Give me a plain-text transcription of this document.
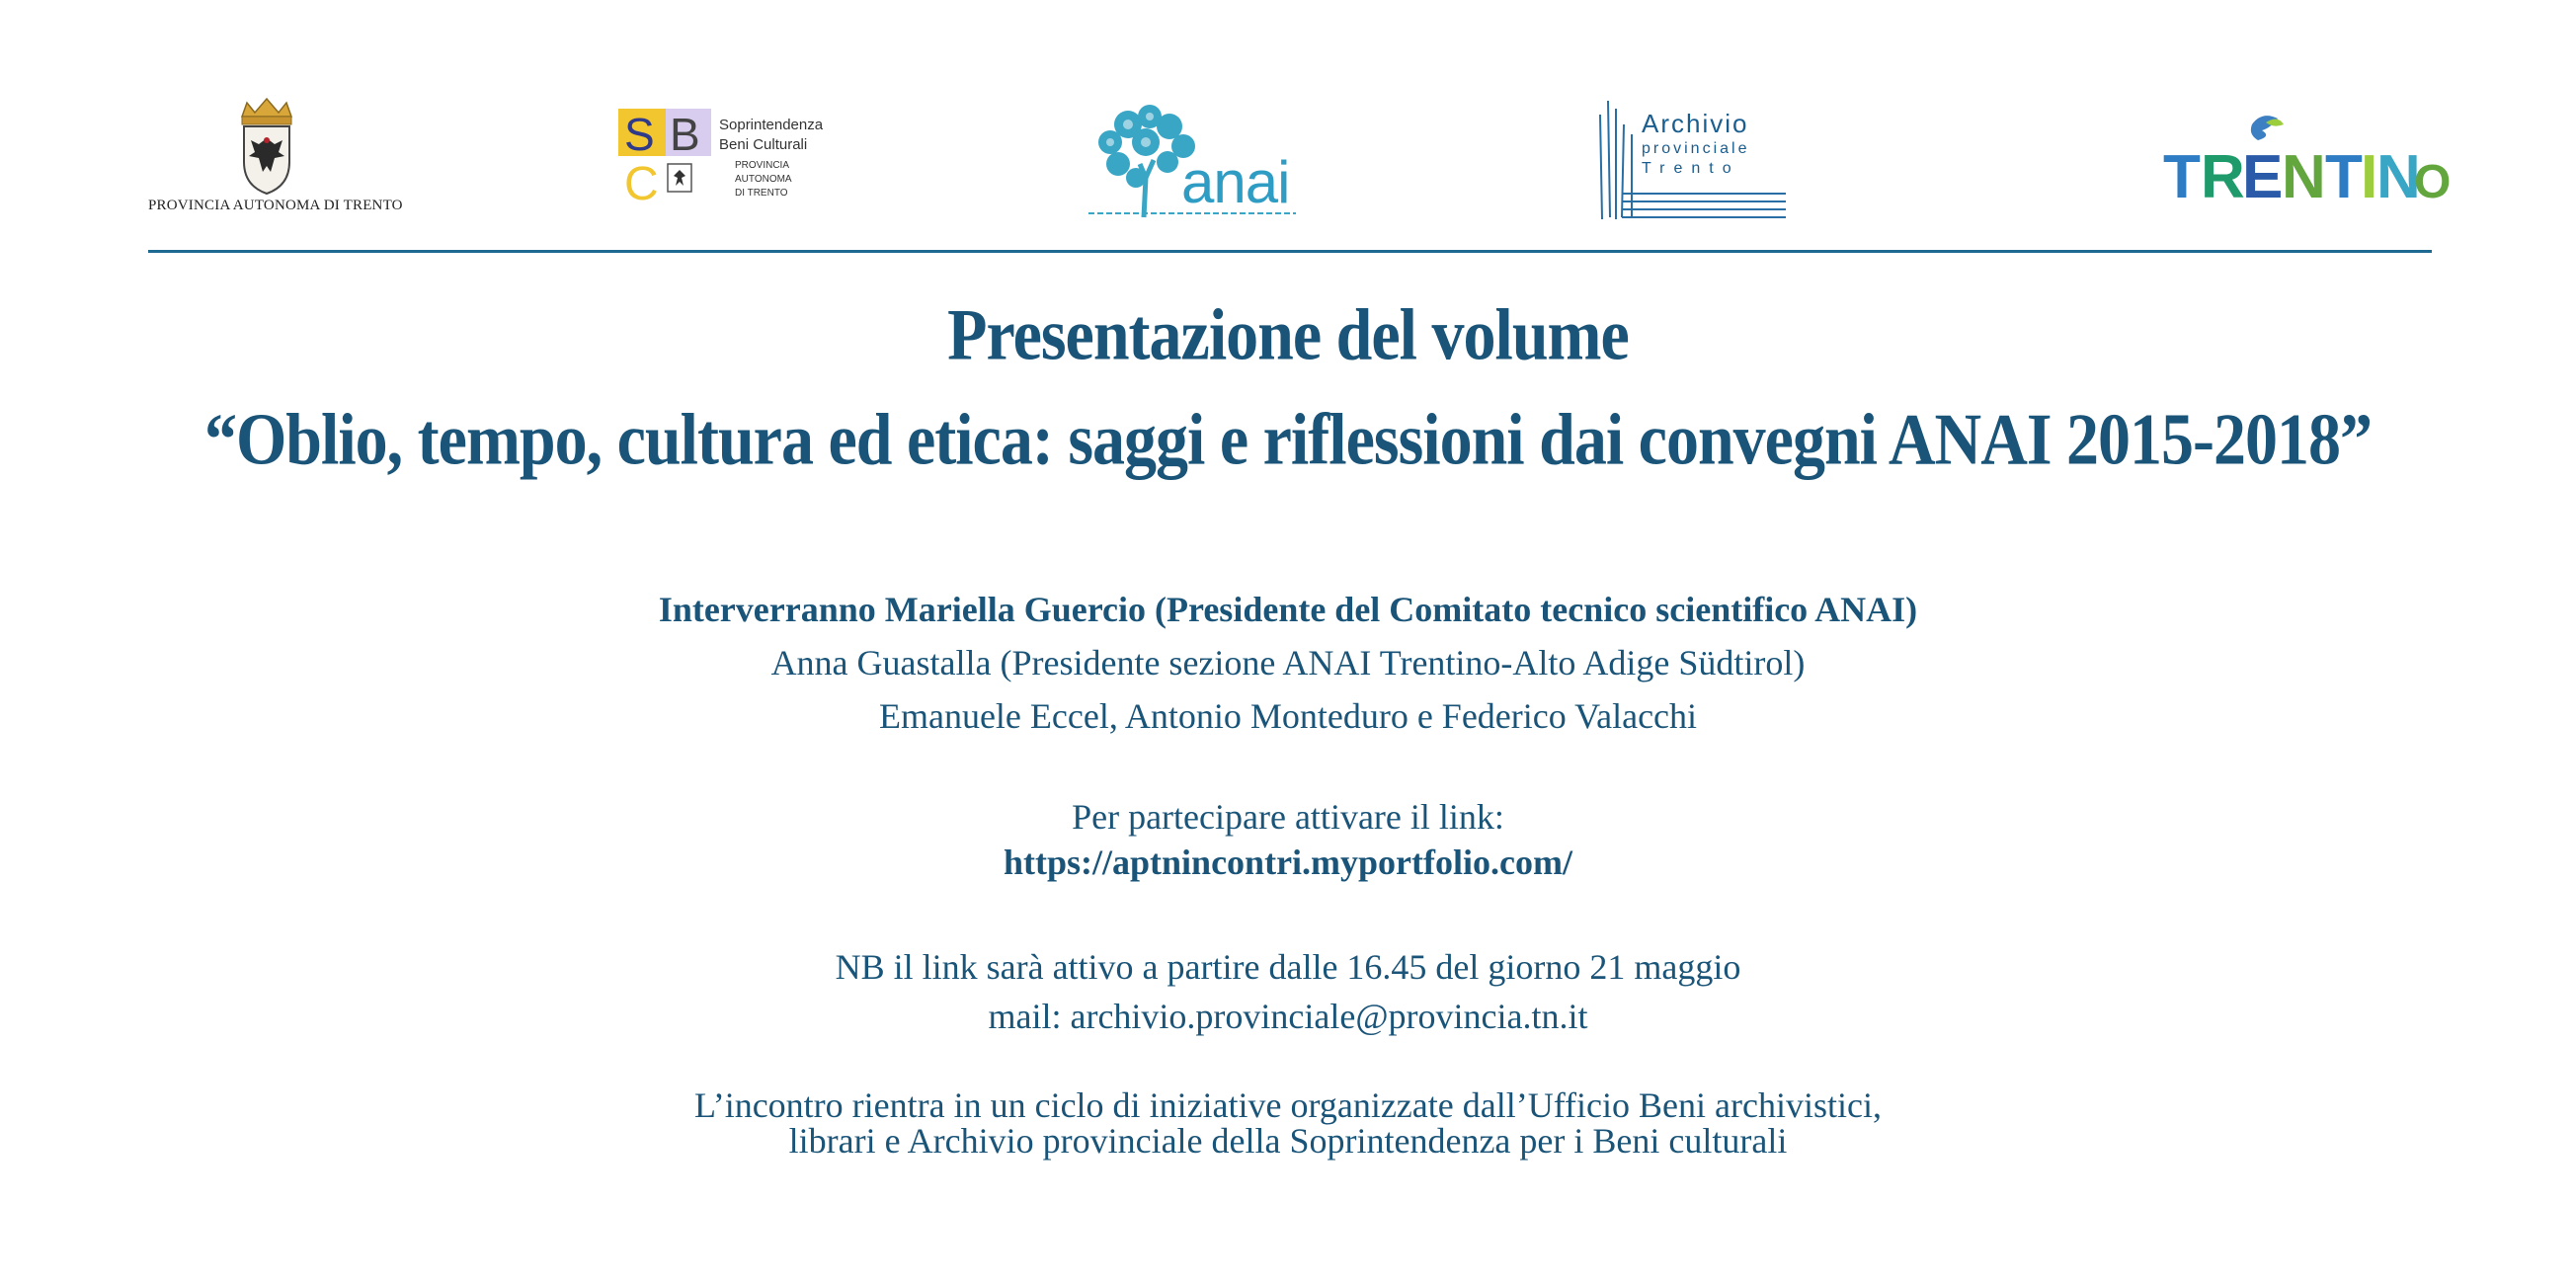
PROVINCIA AUTONOMA DI TRENTO
S B
C
Soprintendenza
Beni Culturali
PROVINCIA
AUTONOMA
DI TRENTO	anai
Archivio
provinciale
Trento	T R
E
N T
I
N
O
Presentazione del volume
“Oblio, tempo, cultura ed etica: saggi e riflessioni dai convegni ANAI 2015-2018”
Interverranno Mariella Guercio (Presidente del Comitato tecnico scientifico ANAI)
Anna Guastalla (Presidente sezione ANAI Trentino-Alto Adige Südtirol)
Emanuele Eccel, Antonio Monteduro e Federico Valacchi
Per partecipare attivare il link:
https://aptnincontri.myportfolio.com/
NB il link sarà attivo a partire dalle 16.45 del giorno 21 maggio
mail: archivio.provinciale@provincia.tn.it
L’incontro rientra in un ciclo di iniziative organizzate dall’Ufficio Beni archivistici,
librari e Archivio provinciale della Soprintendenza per i Beni culturali
